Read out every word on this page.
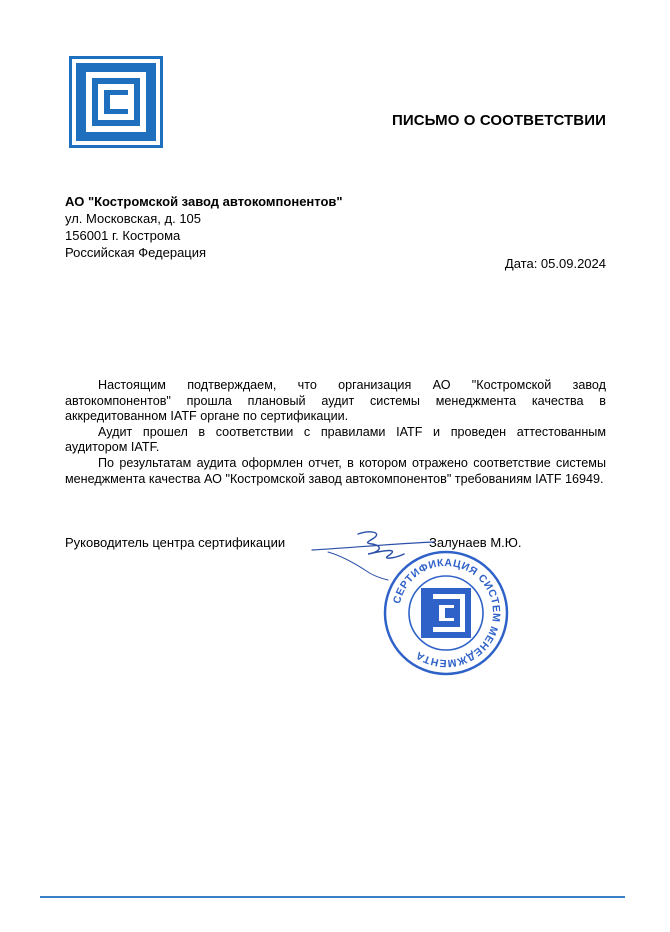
ПИСЬМО О СООТВЕТСТВИИ
АО "Костромской завод автокомпонентов"
ул. Московская, д. 105
156001 г. Кострома
Российская Федерация
Дата: 05.09.2024

Настоящим подтверждаем, что организация АО "Костромской завод автокомпонентов" прошла плановый аудит системы менеджмента качества в аккредитованном IATF органе по сертификации.

Аудит прошел в соответствии с правилами IATF и проведен аттестованным аудитором IATF.

По результатам аудита оформлен отчет, в котором отражено соответствие системы менеджмента качества АО "Костромской завод автокомпонентов" требованиям IATF 16949.

Руководитель центра сертификации	Залунаев М.Ю.
СЕРТИФИКАЦИЯ СИСТЕМ МЕНЕДЖМЕНТА
